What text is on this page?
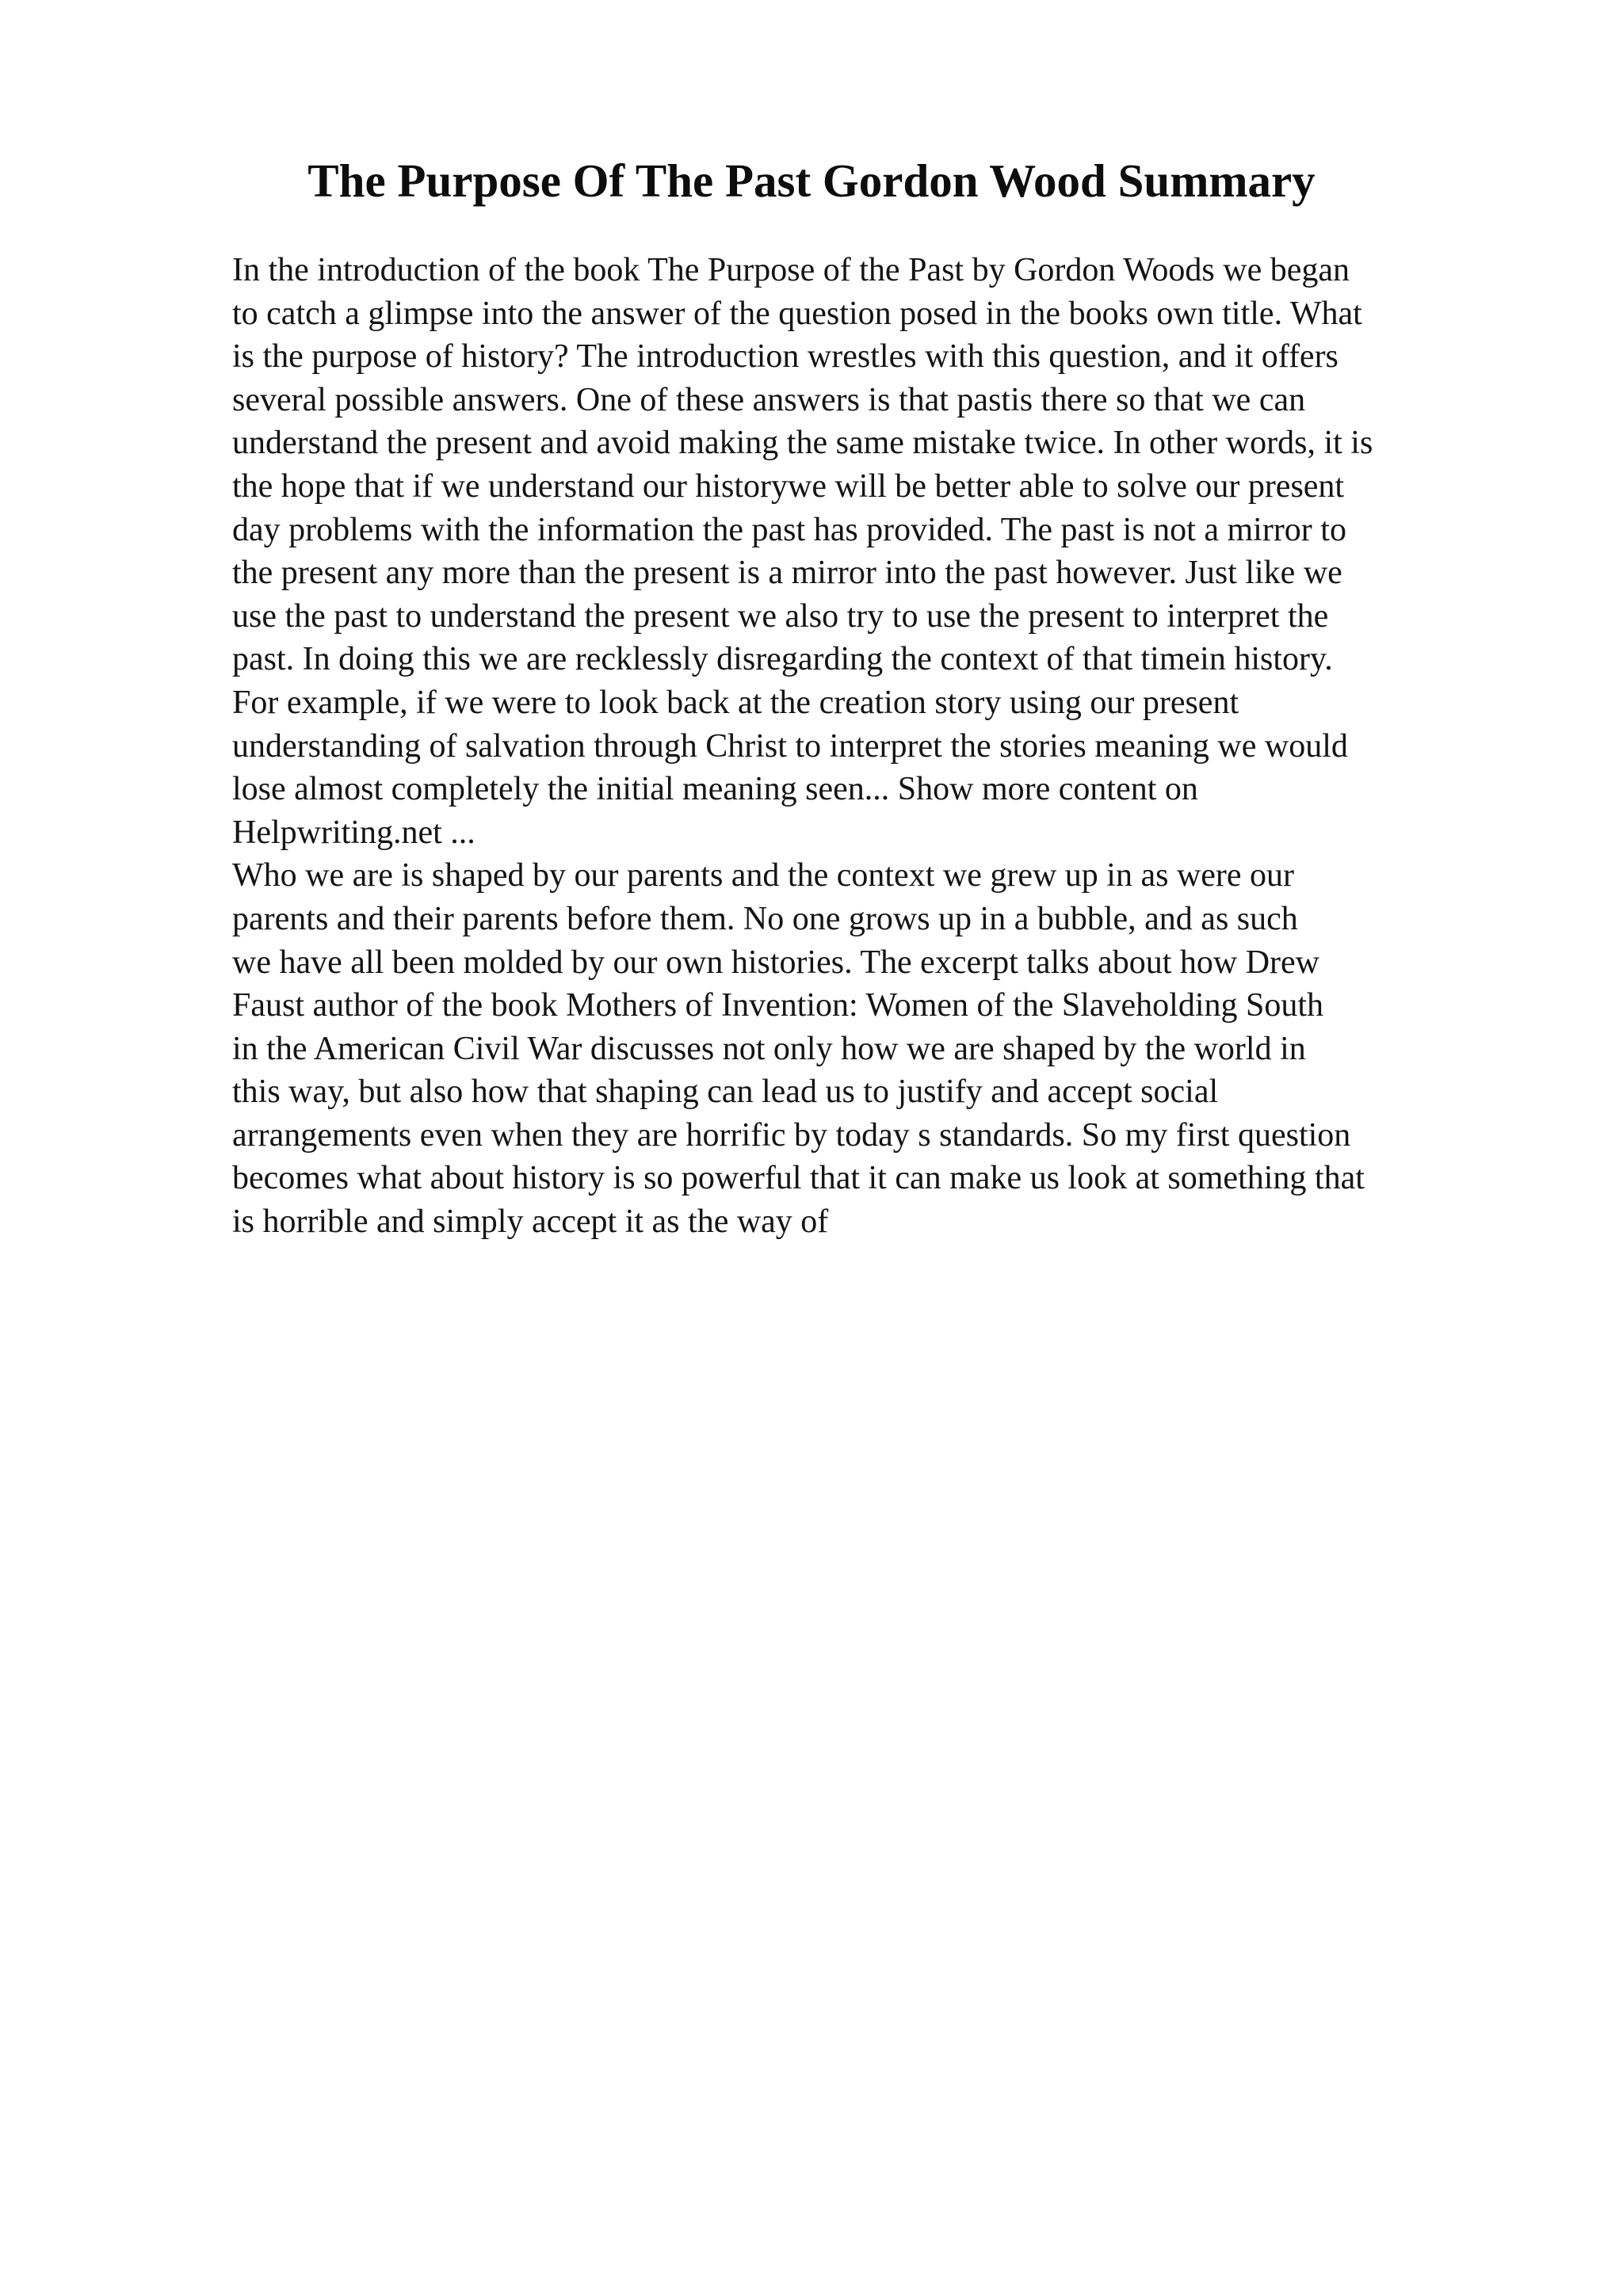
The Purpose Of The Past Gordon Wood Summary
In the introduction of the book The Purpose of the Past by Gordon Woods we began
to catch a glimpse into the answer of the question posed in the books own title. What
is the purpose of history? The introduction wrestles with this question, and it offers
several possible answers. One of these answers is that pastis there so that we can
understand the present and avoid making the same mistake twice. In other words, it is
the hope that if we understand our historywe will be better able to solve our present
day problems with the information the past has provided. The past is not a mirror to
the present any more than the present is a mirror into the past however. Just like we
use the past to understand the present we also try to use the present to interpret the
past. In doing this we are recklessly disregarding the context of that timein history.
For example, if we were to look back at the creation story using our present
understanding of salvation through Christ to interpret the stories meaning we would
lose almost completely the initial meaning seen... Show more content on
Helpwriting.net ...
Who we are is shaped by our parents and the context we grew up in as were our
parents and their parents before them. No one grows up in a bubble, and as such
we have all been molded by our own histories. The excerpt talks about how Drew
Faust author of the book Mothers of Invention: Women of the Slaveholding South
in the American Civil War discusses not only how we are shaped by the world in
this way, but also how that shaping can lead us to justify and accept social
arrangements even when they are horrific by today s standards. So my first question
becomes what about history is so powerful that it can make us look at something that
is horrible and simply accept it as the way of
